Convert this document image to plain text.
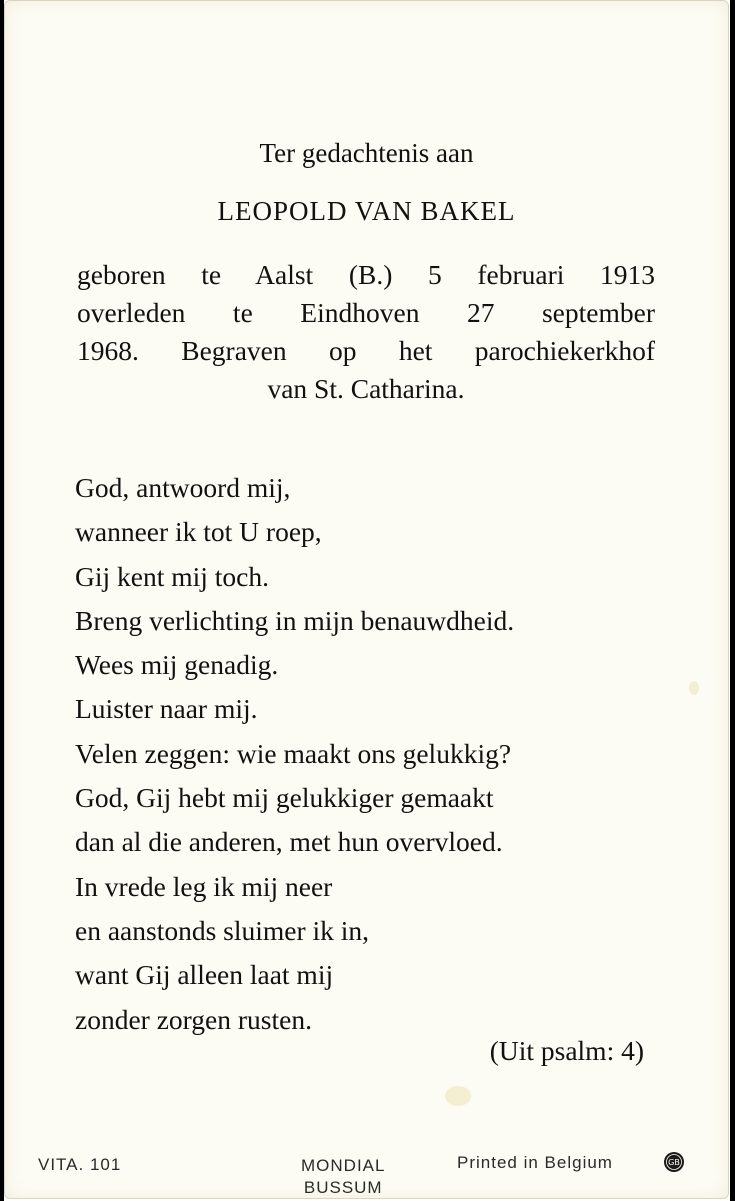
Ter gedachtenis aan
LEOPOLD VAN BAKEL
geboren te Aalst (B.) 5 februari 1913
overleden te Eindhoven 27 september
1968. Begraven op het parochiekerkhof
van St. Catharina.
God, antwoord mij,
wanneer ik tot U roep,
Gij kent mij toch.
Breng verlichting in mijn benauwdheid.
Wees mij genadig.
Luister naar mij.
Velen zeggen: wie maakt ons gelukkig?
God, Gij hebt mij gelukkiger gemaakt
dan al die anderen, met hun overvloed.
In vrede leg ik mij neer
en aanstonds sluimer ik in,
want Gij alleen laat mij
zonder zorgen rusten.
(Uit psalm: 4)
VITA. 101	MONDIAL
BUSSUM
Printed in Belgium	GB
